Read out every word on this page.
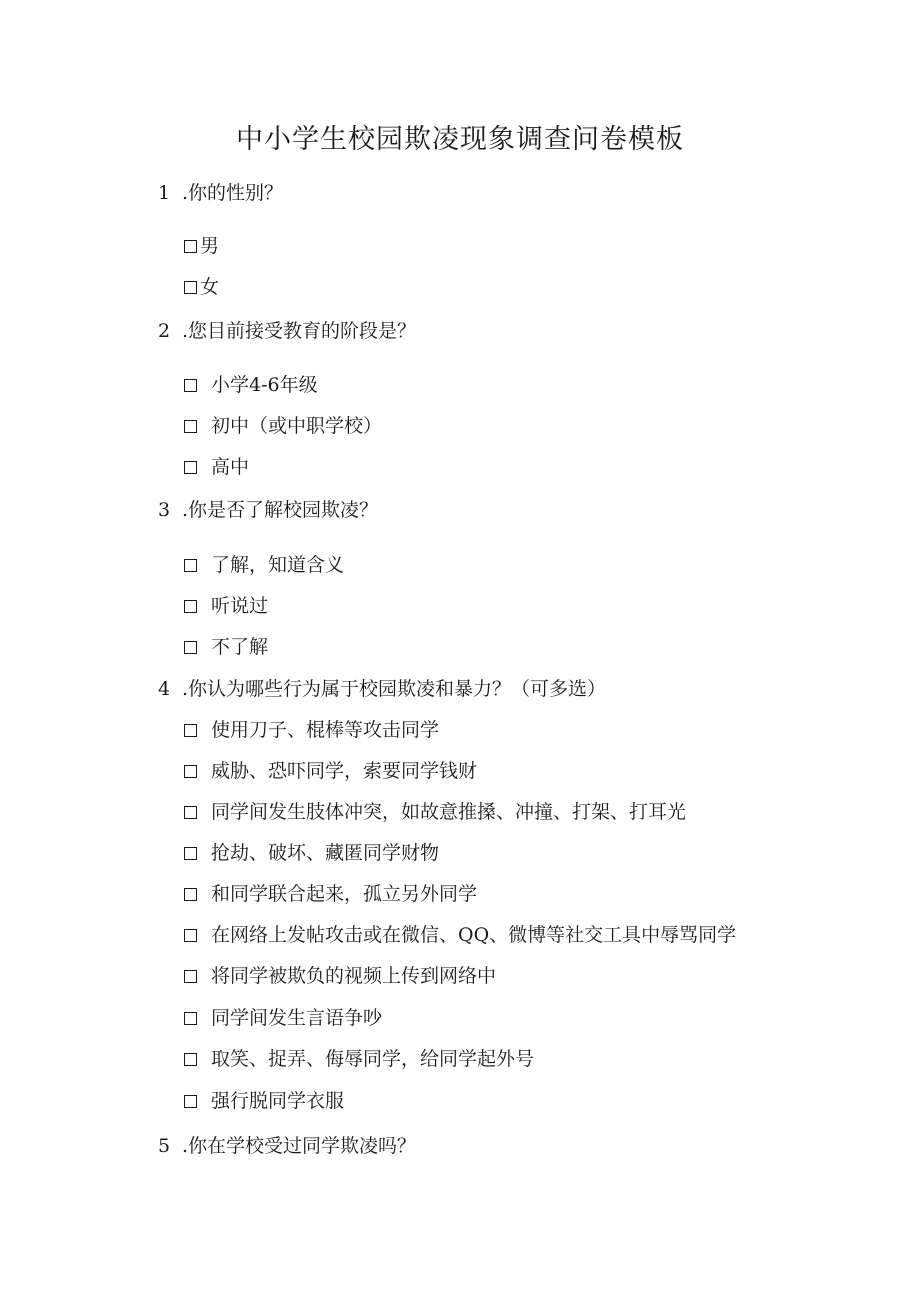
中小学生校园欺凌现象调查问卷模板
1 .你的性别？
男
女
2 .您目前接受教育的阶段是？
小学4-6年级
初中（或中职学校）
高中
3 .你是否了解校园欺凌？
了解，知道含义
听说过
不了解
4 .你认为哪些行为属于校园欺凌和暴力？（可多选）
使用刀子、棍棒等攻击同学
威胁、恐吓同学，索要同学钱财
同学间发生肢体冲突，如故意推搡、冲撞、打架、打耳光
抢劫、破坏、藏匿同学财物
和同学联合起来，孤立另外同学
在网络上发帖攻击或在微信、QQ、微博等社交工具中辱骂同学
将同学被欺负的视频上传到网络中
同学间发生言语争吵
取笑、捉弄、侮辱同学，给同学起外号
强行脱同学衣服
5 .你在学校受过同学欺凌吗？
